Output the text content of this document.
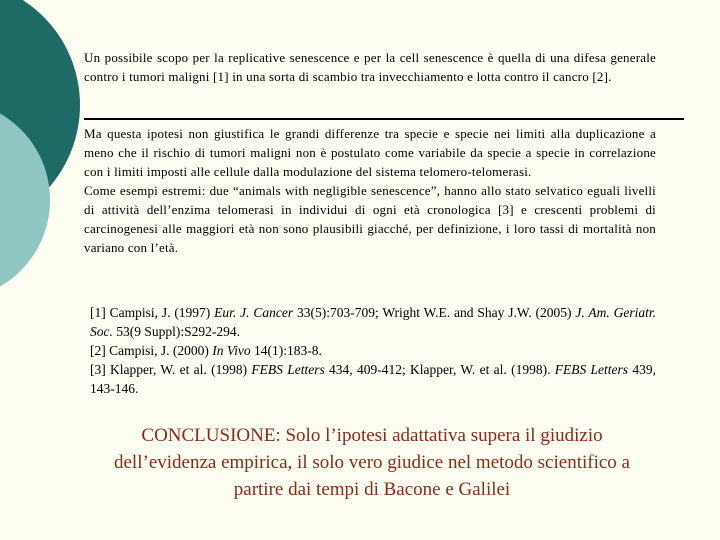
Un possibile scopo per la replicative senescence e per la cell senescence è quella di una difesa generale contro i tumori maligni [1] in una sorta di scambio tra invecchiamento e lotta contro il cancro [2].
Ma questa ipotesi non giustifica le grandi differenze tra specie e specie nei limiti alla duplicazione a meno che il rischio di tumori maligni non è postulato come variabile da specie a specie in correlazione con i limiti imposti alle cellule dalla modulazione del sistema telomero-telomerasi.
Come esempi estremi: due “animals with negligible senescence”, hanno allo stato selvatico eguali livelli di attività dell’enzima telomerasi in individui di ogni età cronologica [3] e crescenti problemi di carcinogenesi alle maggiori età non sono plausibili giacché, per definizione, i loro tassi di mortalità non variano con l’età.

[1] Campisi, J. (1997) Eur. J. Cancer 33(5):703-709; Wright W.E. and Shay J.W. (2005) J. Am. Geriatr. Soc. 53(9 Suppl):S292-294.

[2] Campisi, J. (2000) In Vivo 14(1):183-8.

[3] Klapper, W. et al. (1998) FEBS Letters 434, 409-412; Klapper, W. et al. (1998). FEBS Letters 439, 143-146.

CONCLUSIONE: Solo l’ipotesi adattativa supera il giudizio dell’evidenza empirica, il solo vero giudice nel metodo scientifico a partire dai tempi di Bacone e Galilei
